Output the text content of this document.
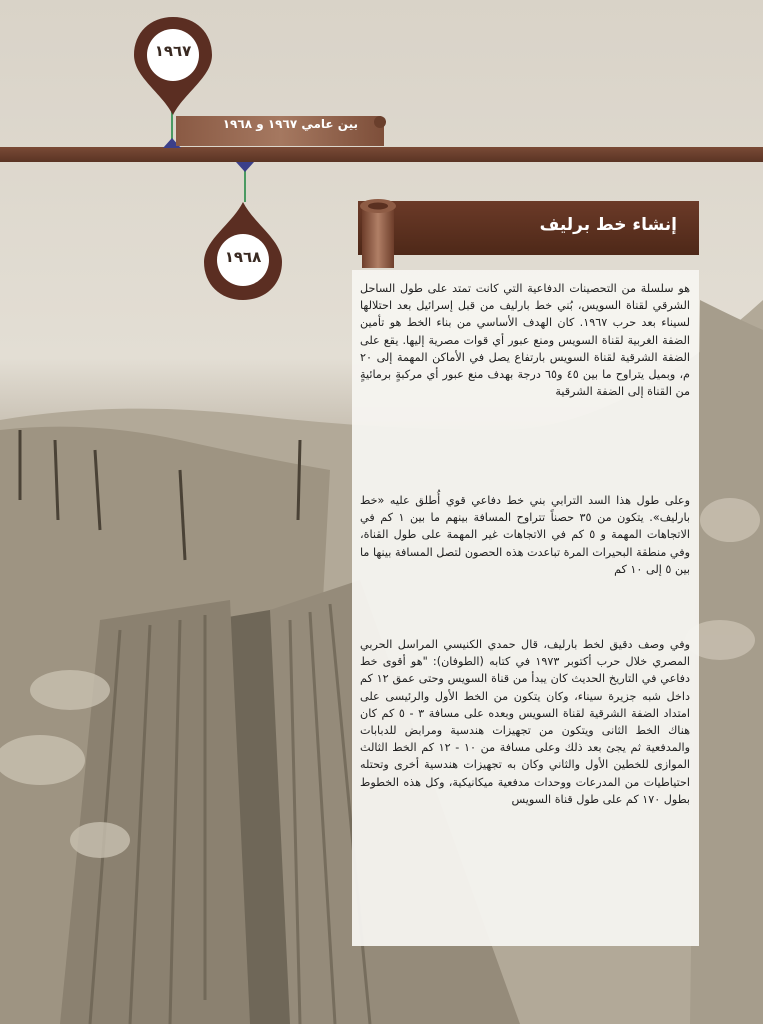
بين عامي ١٩٦٧ و ١٩٦٨
١٩٦٧
١٩٦٨
إنشاء خط برليف
هو سلسلة من التحصينات الدفاعية التي كانت تمتد على طول الساحل الشرقي لقناة السويس، بُني خط بارليف من قبل إسرائيل بعد احتلالها لسيناء بعد حرب ١٩٦٧. كان الهدف الأساسي من بناء الخط هو تأمين الضفة الغربية لقناة السويس ومنع عبور أي قوات مصرية إليها. يقع على الضفة الشرقية لقناة السويس بارتفاع يصل في الأماكن المهمة إلى ٢٠ م، وبميل يتراوح ما بين ٤٥ و٦٥ درجة بهدف منع عبور أي مركبةٍ برمائيةٍ من القناة إلى الضفة الشرقية
وعلى طول هذا السد الترابي بني خط دفاعي قوي أُطلق عليه «خط بارليف». يتكون من ٣٥ حصناً تتراوح المسافة بينهم ما بين ١ كم في الاتجاهات المهمة و ٥ كم في الاتجاهات غير المهمة على طول القناة، وفي منطقة البحيرات المرة تباعدت هذه الحصون لتصل المسافة بينها ما بين ٥ إلى ١٠ كم
وفي وصف دقيق لخط بارليف، قال حمدي الكنيسي المراسل الحربي المصري خلال حرب أكتوبر ١٩٧٣ في كتابه (الطوفان): "هو أقوى خط دفاعي في التاريخ الحديث كان يبدأ من قناة السويس وحتى عمق ١٢ كم داخل شبه جزيرة سيناء، وكان يتكون من الخط الأول والرئيسى على امتداد الضفة الشرقية لقناة السويس وبعده على مسافة ٣ - ٥ كم كان هناك الخط الثانى ويتكون من تجهيزات هندسية ومرابض للدبابات والمدفعية ثم يجئ بعد ذلك وعلى مسافة من ١٠ - ١٢ كم الخط الثالث الموازى للخطين الأول والثاني وكان به تجهيزات هندسية أخرى وتحتله احتياطيات من المدرعات ووحدات مدفعية ميكانيكية، وكل هذه الخطوط بطول ١٧٠ كم على طول قناة السويس
